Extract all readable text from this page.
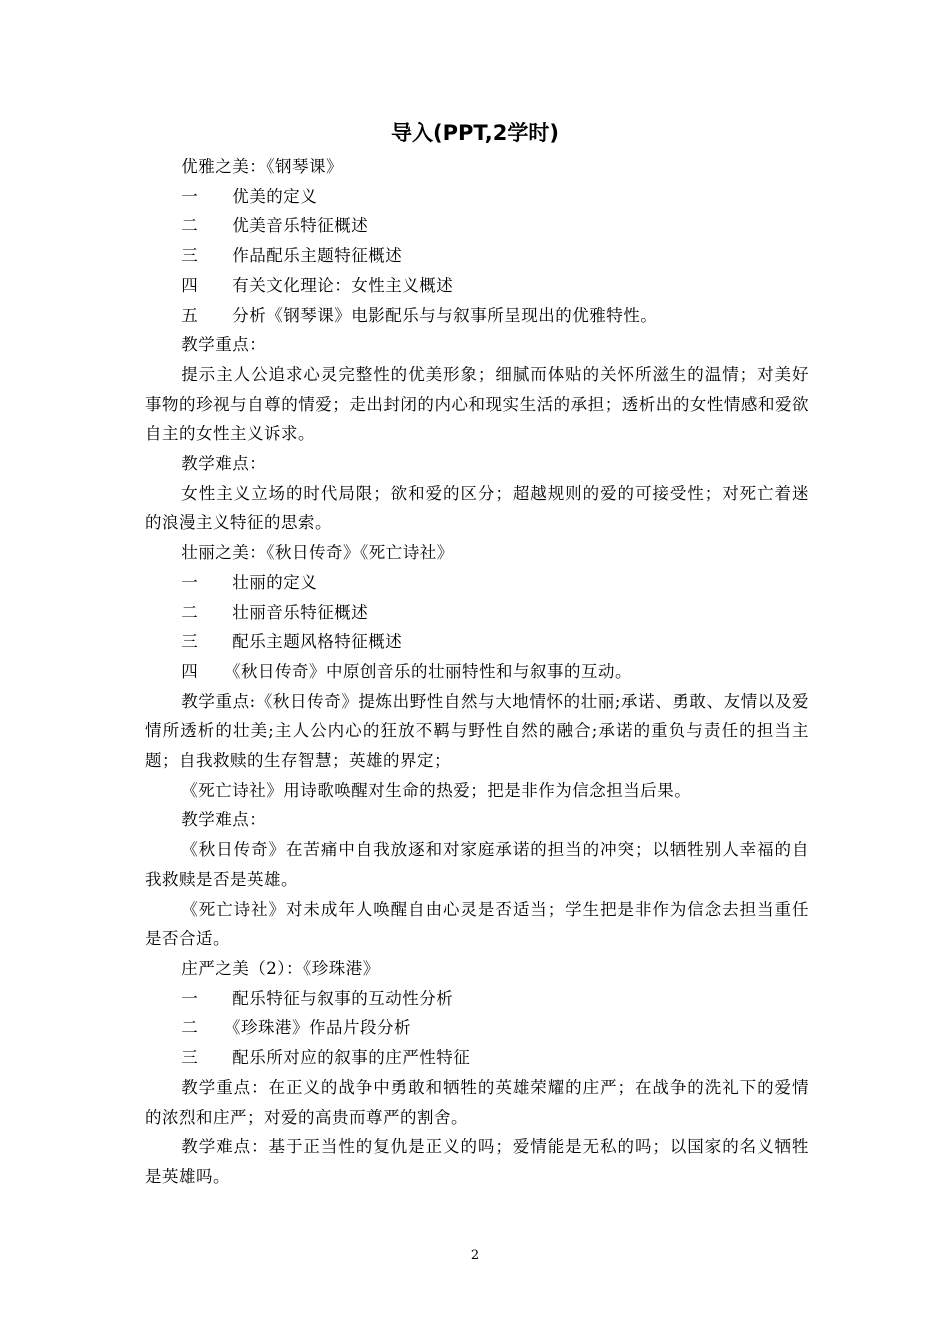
导入(PPT,2学时)

优雅之美：《钢琴课》

一　　优美的定义

二　　优美音乐特征概述

三　　作品配乐主题特征概述

四　　有关文化理论：女性主义概述

五　　分析《钢琴课》电影配乐与与叙事所呈现出的优雅特性。

教学重点：

提示主人公追求心灵完整性的优美形象；细腻而体贴的关怀所滋生的温情；对美好事物的珍视与自尊的情爱；走出封闭的内心和现实生活的承担；透析出的女性情感和爱欲自主的女性主义诉求。

教学难点：

女性主义立场的时代局限；欲和爱的区分；超越规则的爱的可接受性；对死亡着迷的浪漫主义特征的思索。

壮丽之美：《秋日传奇》《死亡诗社》

一　　壮丽的定义

二　　壮丽音乐特征概述

三　　配乐主题风格特征概述

四　　《秋日传奇》中原创音乐的壮丽特性和与叙事的互动。

教学重点:《秋日传奇》提炼出野性自然与大地情怀的壮丽;承诺、勇敢、友情以及爱情所透析的壮美;主人公内心的狂放不羁与野性自然的融合;承诺的重负与责任的担当主题；自我救赎的生存智慧；英雄的界定；

《死亡诗社》用诗歌唤醒对生命的热爱；把是非作为信念担当后果。

教学难点：

《秋日传奇》在苦痛中自我放逐和对家庭承诺的担当的冲突；以牺牲别人幸福的自我救赎是否是英雄。

《死亡诗社》对未成年人唤醒自由心灵是否适当；学生把是非作为信念去担当重任是否合适。

庄严之美（2）：《珍珠港》

一　　配乐特征与叙事的互动性分析

二　　《珍珠港》作品片段分析

三　　配乐所对应的叙事的庄严性特征

教学重点：在正义的战争中勇敢和牺牲的英雄荣耀的庄严；在战争的洗礼下的爱情的浓烈和庄严；对爱的高贵而尊严的割舍。

教学难点：基于正当性的复仇是正义的吗；爱情能是无私的吗；以国家的名义牺牲是英雄吗。

2
